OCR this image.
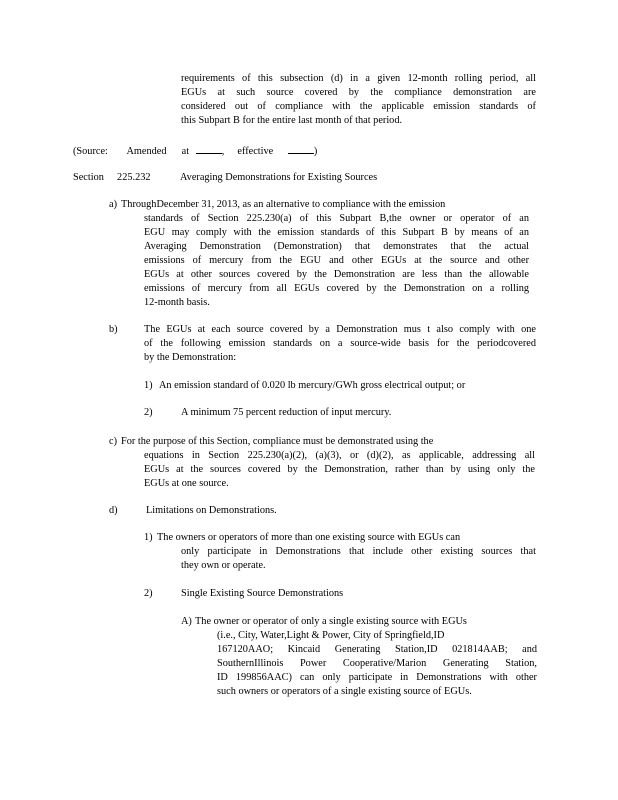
requirements of this subsection (d) in a given 12-month rolling period, all
EGUs at such source covered by the compliance demonstration are
considered out of compliance with the applicable emission standards of
this Subpart B for the entire last month of that period.
(Source: Amended at	, effective	)
Section 225.232	Averaging Demonstrations for Existing Sources
a) ThroughDecember 31, 2013, as an alternative to compliance with the emission
standards of Section 225.230(a) of this Subpart B,the owner or operator of an
EGU may comply with the emission standards of this Subpart B by means of an
Averaging Demonstration (Demonstration) that demonstrates that the actual
emissions of mercury from the EGU and other EGUs at the source and other
EGUs at other sources covered by the Demonstration are less than the allowable
emissions of mercury from all EGUs covered by the Demonstration on a rolling
12-month basis.
b)	The EGUs at each source covered by a Demonstration mus t also comply with one
of the following emission standards on a source-wide basis for the periodcovered
by the Demonstration:
1) An emission standard of 0.020 lb mercury/GWh gross electrical output; or
2)	A minimum 75 percent reduction of input mercury.
c) For the purpose of this Section, compliance must be demonstrated using the
equations in Section 225.230(a)(2), (a)(3), or (d)(2), as applicable, addressing all
EGUs at the sources covered by the Demonstration, rather than by using only the
EGUs at one source.
d)	Limitations on Demonstrations.
1) The owners or operators of more than one existing source with EGUs can
only participate in Demonstrations that include other existing sources that
they own or operate.
2)	Single Existing Source Demonstrations
A) The owner or operator of only a single existing source with EGUs
(i.e., City, Water,Light & Power, City of Springfield,ID
167120AAO; Kincaid Generating Station,ID 021814AAB; and
SouthernIllinois Power Cooperative/Marion Generating Station,
ID 199856AAC) can only participate in Demonstrations with other
such owners or operators of a single existing source of EGUs.
